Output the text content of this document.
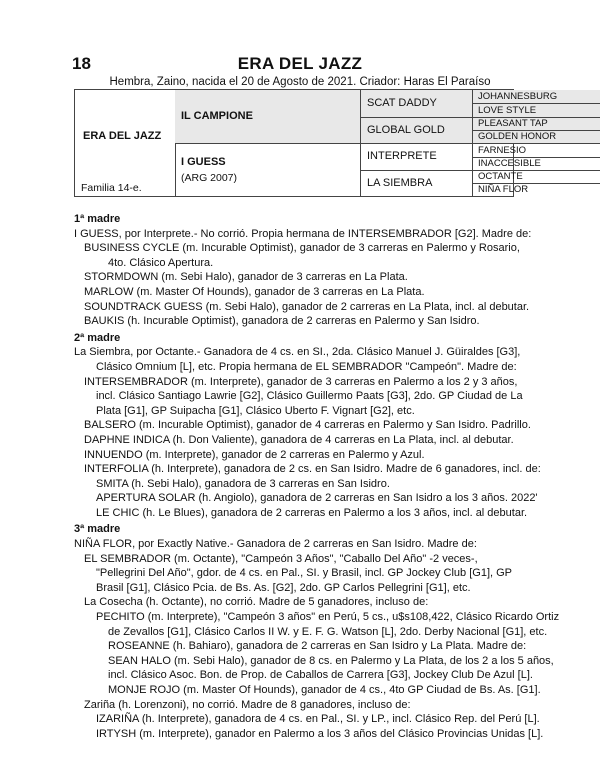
18	ERA DEL JAZZ
Hembra, Zaino, nacida el 20 de Agosto de 2021. Criador: Haras El Paraíso
ERA DEL JAZZ
Familia 14-e.
IL CAMPIONE
I GUESS
(ARG 2007)
SCAT DADDY
GLOBAL GOLD
INTERPRETE
LA SIEMBRA
JOHANNESBURG
LOVE STYLE
PLEASANT TAP
GOLDEN HONOR
FARNESIO
INACCESIBLE
OCTANTE
NIÑA FLOR

1ª madre

I GUESS, por Interprete.- No corrió. Propia hermana de INTERSEMBRADOR [G2]. Madre de:

BUSINESS CYCLE (m. Incurable Optimist), ganador de 3 carreras en Palermo y Rosario,

4to. Clásico Apertura.

STORMDOWN (m. Sebi Halo), ganador de 3 carreras en La Plata.

MARLOW (m. Master Of Hounds), ganador de 3 carreras en La Plata.

SOUNDTRACK GUESS (m. Sebi Halo), ganador de 2 carreras en La Plata, incl. al debutar.

BAUKIS (h. Incurable Optimist), ganadora de 2 carreras en Palermo y San Isidro.

2ª madre

La Siembra, por Octante.- Ganadora de 4 cs. en SI., 2da. Clásico Manuel J. Güiraldes [G3],

Clásico Omnium [L], etc. Propia hermana de EL SEMBRADOR "Campeón". Madre de:

INTERSEMBRADOR (m. Interprete), ganador de 3 carreras en Palermo a los 2 y 3 años,

incl. Clásico Santiago Lawrie [G2], Clásico Guillermo Paats [G3], 2do. GP Ciudad de La

Plata [G1], GP Suipacha [G1], Clásico Uberto F. Vignart [G2], etc.

BALSERO (m. Incurable Optimist), ganador de 4 carreras en Palermo y San Isidro. Padrillo.

DAPHNE INDICA (h. Don Valiente), ganadora de 4 carreras en La Plata, incl. al debutar.

INNUENDO (m. Interprete), ganador de 2 carreras en Palermo y Azul.

INTERFOLIA (h. Interprete), ganadora de 2 cs. en San Isidro. Madre de 6 ganadores, incl. de:

SMITA (h. Sebi Halo), ganadora de 3 carreras en San Isidro.

APERTURA SOLAR (h. Angiolo), ganadora de 2 carreras en San Isidro a los 3 años. 2022'

LE CHIC (h. Le Blues), ganadora de 2 carreras en Palermo a los 3 años, incl. al debutar.

3ª madre

NIÑA FLOR, por Exactly Native.- Ganadora de 2 carreras en San Isidro. Madre de:

EL SEMBRADOR (m. Octante), "Campeón 3 Años", "Caballo Del Año" -2 veces-,

"Pellegrini Del Año", gdor. de 4 cs. en Pal., SI. y Brasil, incl. GP Jockey Club [G1], GP

Brasil [G1], Clásico Pcia. de Bs. As. [G2], 2do. GP Carlos Pellegrini [G1], etc.

La Cosecha (h. Octante), no corrió. Madre de 5 ganadores, incluso de:

PECHITO (m. Interprete), "Campeón 3 años" en Perú, 5 cs., u$s108,422, Clásico Ricardo Ortiz

de Zevallos [G1], Clásico Carlos II W. y E. F. G. Watson [L], 2do. Derby Nacional [G1], etc.

ROSEANNE (h. Bahiaro), ganadora de 2 carreras en San Isidro y La Plata. Madre de:

SEAN HALO (m. Sebi Halo), ganador de 8 cs. en Palermo y La Plata, de los 2 a los 5 años,

incl. Clásico Asoc. Bon. de Prop. de Caballos de Carrera [G3], Jockey Club De Azul [L].

MONJE ROJO (m. Master Of Hounds), ganador de 4 cs., 4to GP Ciudad de Bs. As. [G1].

Zariña (h. Lorenzoni), no corrió. Madre de 8 ganadores, incluso de:

IZARIÑA (h. Interprete), ganadora de 4 cs. en Pal., SI. y LP., incl. Clásico Rep. del Perú [L].

IRTYSH (m. Interprete), ganador en Palermo a los 3 años del Clásico Provincias Unidas [L].
